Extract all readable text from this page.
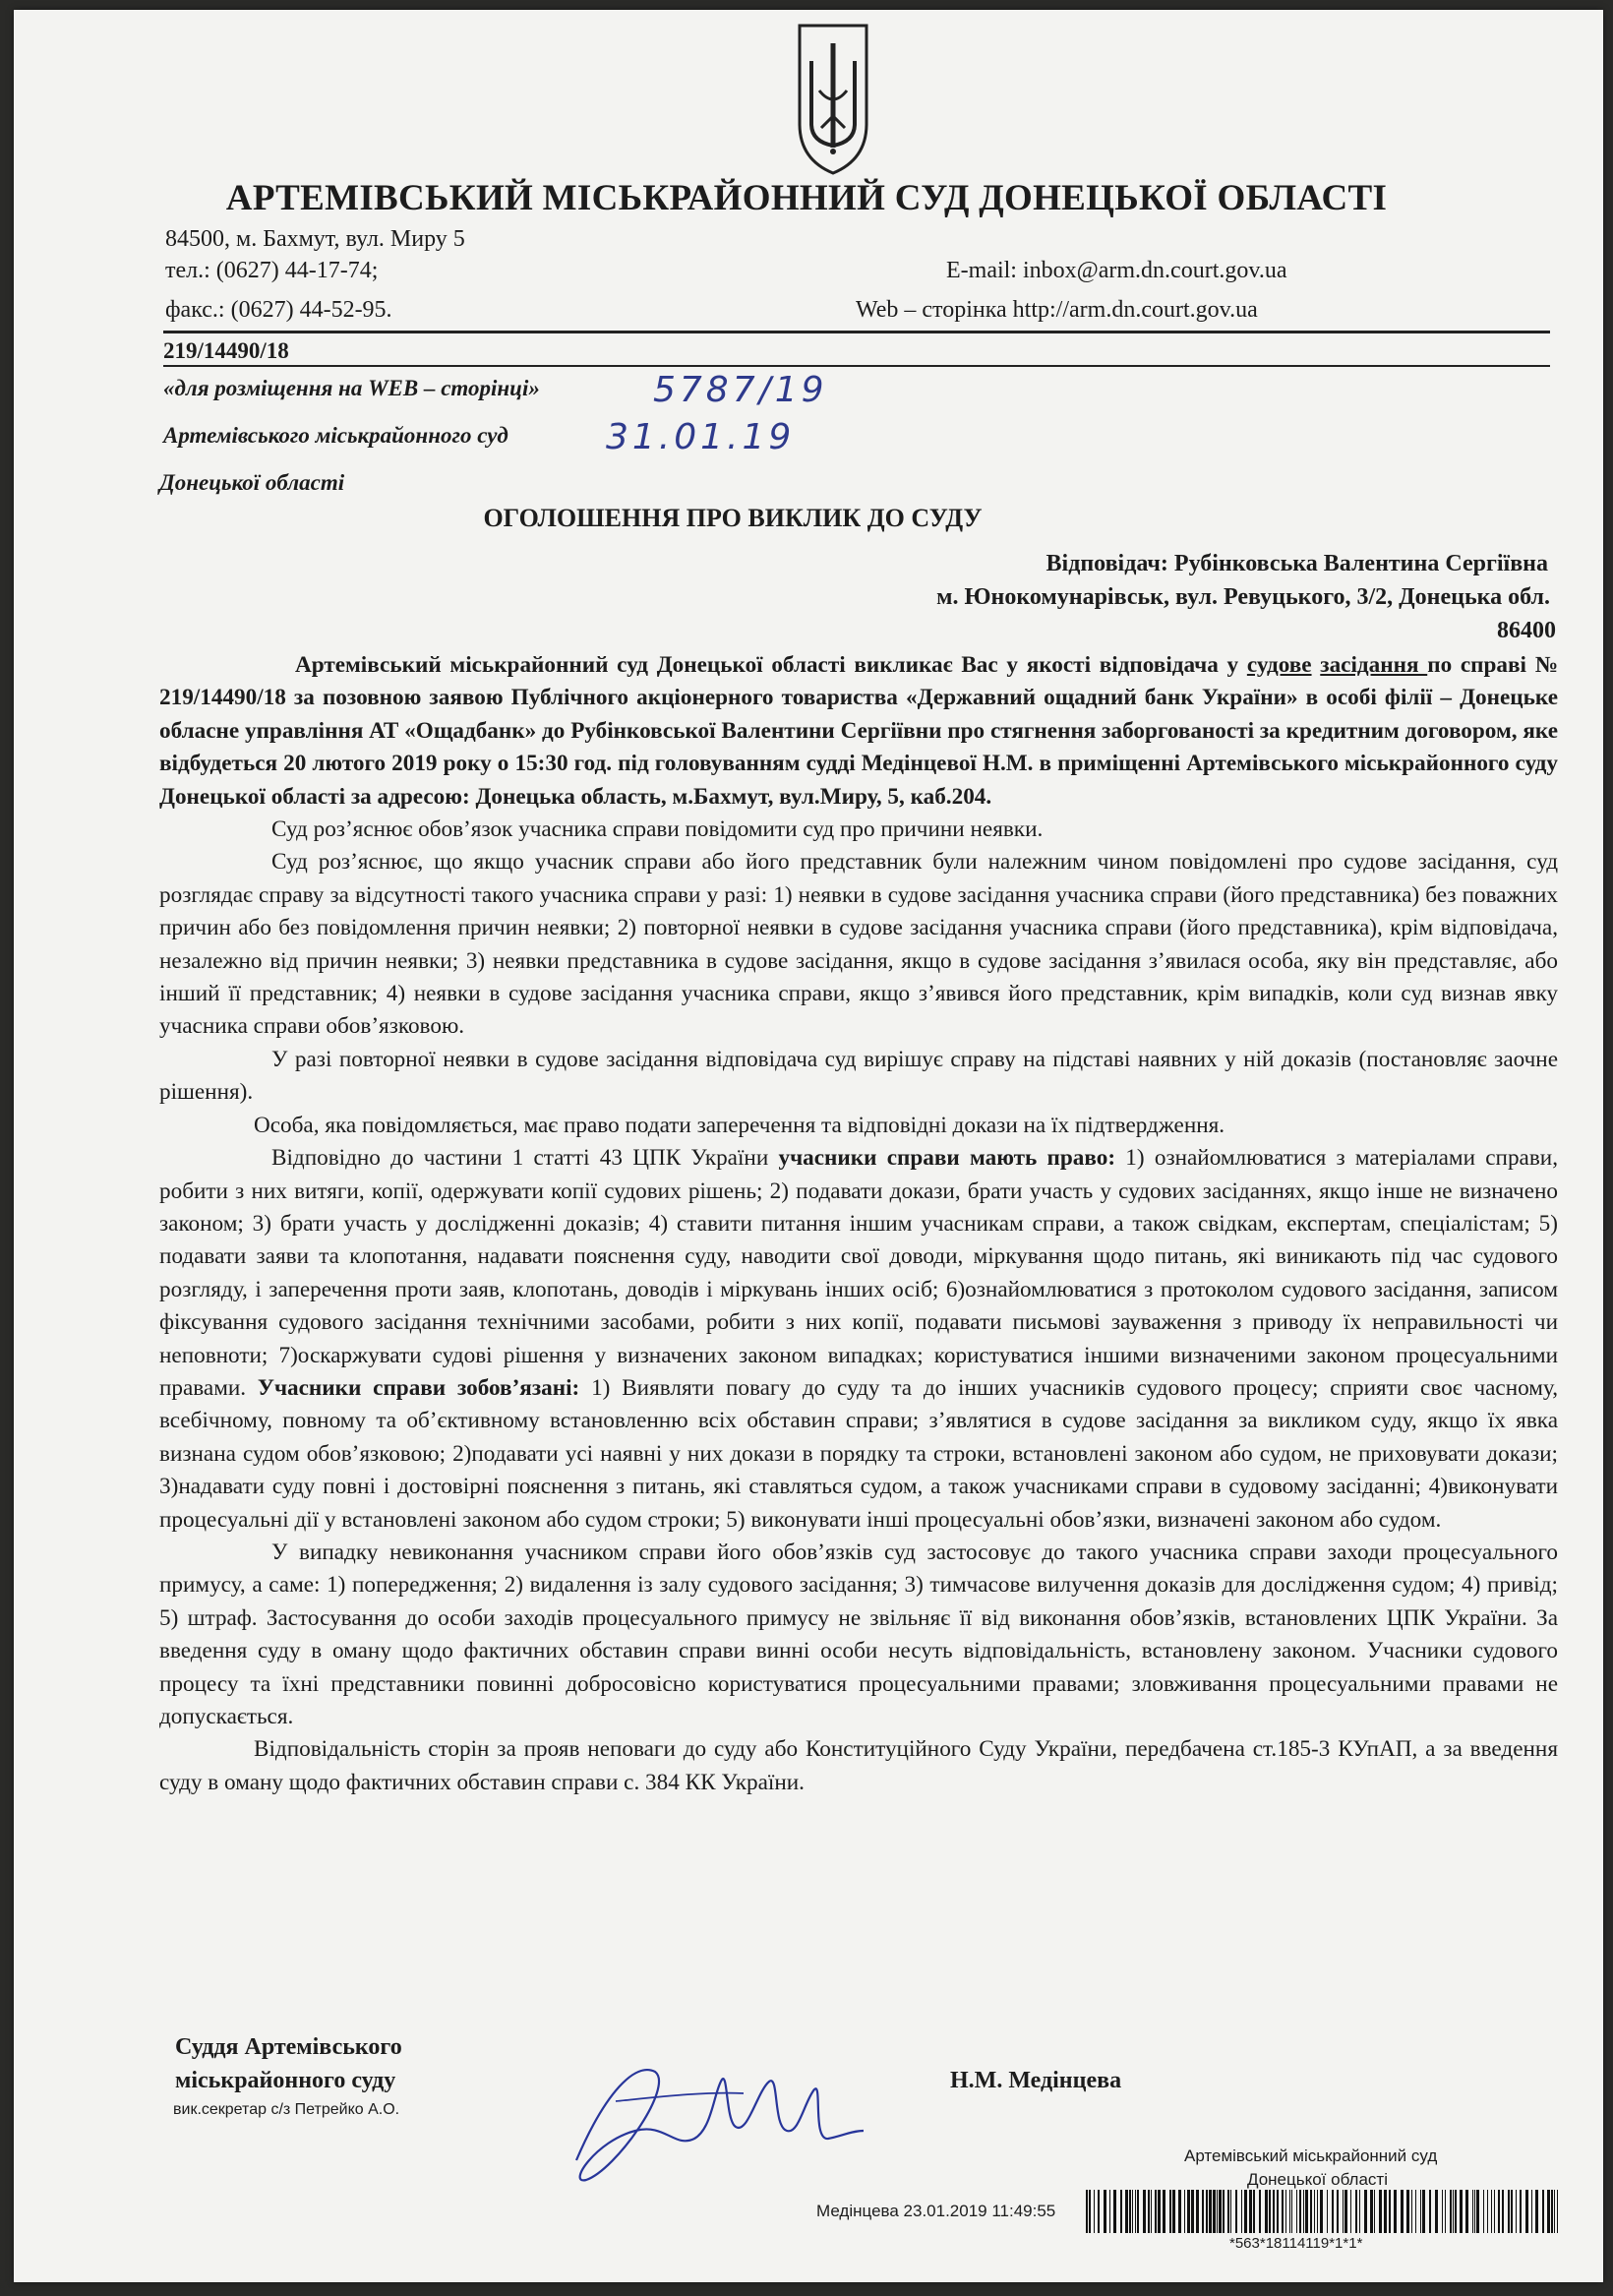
АРТЕМІВСЬКИЙ МІСЬКРАЙОННИЙ СУД ДОНЕЦЬКОЇ ОБЛАСТІ
84500, м. Бахмут, вул. Миру 5
тел.: (0627) 44-17-74;
факс.: (0627) 44-52-95.
E-mail: inbox@arm.dn.court.gov.ua
Web – сторінка http://arm.dn.court.gov.ua
219/14490/18
«для розміщення на WEB – сторінці»
Артемівського міськрайонного суд
Донецької області
5787/19
31.01.19
ОГОЛОШЕННЯ ПРО ВИКЛИК ДО СУДУ
Відповідач: Рубінковська Валентина Сергіївна
м. Юнокомунарівськ, вул. Ревуцького, 3/2, Донецька обл.
86400

Артемівський міськрайонний суд Донецької області викликає Вас у якості відповідача у судове засідання по справі № 219/14490/18 за позовною заявою Публічного акціонерного товариства «Державний ощадний банк України» в особі філії – Донецьке обласне управління АТ «Ощадбанк» до Рубінковської Валентини Сергіївни про стягнення заборгованості за кредитним договором, яке відбудеться 20 лютого 2019 року о 15:30 год. під головуванням судді Медінцевої Н.М. в приміщенні Артемівського міськрайонного суду Донецької області за адресою: Донецька область, м.Бахмут, вул.Миру, 5, каб.204.

Суд роз’яснює обов’язок учасника справи повідомити суд про причини неявки.

Суд роз’яснює, що якщо учасник справи або його представник були належним чином повідомлені про судове засідання, суд розглядає справу за відсутності такого учасника справи у разі: 1) неявки в судове засідання учасника справи (його представника) без поважних причин або без повідомлення причин неявки; 2) повторної неявки в судове засідання учасника справи (його представника), крім відповідача, незалежно від причин неявки; 3) неявки представника в судове засідання, якщо в судове засідання з’явилася особа, яку він представляє, або інший її представник; 4) неявки в судове засідання учасника справи, якщо з’явився його представник, крім випадків, коли суд визнав явку учасника справи обов’язковою.

У разі повторної неявки в судове засідання відповідача суд вирішує справу на підставі наявних у ній доказів (постановляє заочне рішення).

Особа, яка повідомляється, має право подати заперечення та відповідні докази на їх підтвердження.

Відповідно до частини 1 статті 43 ЦПК України учасники справи мають право: 1) ознайомлюватися з матеріалами справи, робити з них витяги, копії, одержувати копії судових рішень; 2) подавати докази, брати участь у судових засіданнях, якщо інше не визначено законом; 3) брати участь у дослідженні доказів; 4) ставити питання іншим учасникам справи, а також свідкам, експертам, спеціалістам; 5) подавати заяви та клопотання, надавати пояснення суду, наводити свої доводи, міркування щодо питань, які виникають під час судового розгляду, і заперечення проти заяв, клопотань, доводів і міркувань інших осіб; 6)ознайомлюватися з протоколом судового засідання, записом фіксування судового засідання технічними засобами, робити з них копії, подавати письмові зауваження з приводу їх неправильності чи неповноти; 7)оскаржувати судові рішення у визначених законом випадках; користуватися іншими визначеними законом процесуальними правами. Учасники справи зобов’язані: 1) Виявляти повагу до суду та до інших учасників судового процесу; сприяти своє часному, всебічному, повному та об’єктивному встановленню всіх обставин справи; з’являтися в судове засідання за викликом суду, якщо їх явка визнана судом обов’язковою; 2)подавати усі наявні у них докази в порядку та строки, встановлені законом або судом, не приховувати докази; 3)надавати суду повні і достовірні пояснення з питань, які ставляться судом, а також учасниками справи в судовому засіданні; 4)виконувати процесуальні дії у встановлені законом або судом строки; 5) виконувати інші процесуальні обов’язки, визначені законом або судом.

У випадку невиконання учасником справи його обов’язків суд застосовує до такого учасника справи заходи процесуального примусу, а саме: 1) попередження; 2) видалення із залу судового засідання; 3) тимчасове вилучення доказів для дослідження судом; 4) привід; 5) штраф. Застосування до особи заходів процесуального примусу не звільняє її від виконання обов’язків, встановлених ЦПК України. За введення суду в оману щодо фактичних обставин справи винні особи несуть відповідальність, встановлену законом. Учасники судового процесу та їхні представники повинні добросовісно користуватися процесуальними правами; зловживання процесуальними правами не допускається.

Відповідальність сторін за прояв неповаги до суду або Конституційного Суду України, передбачена ст.185-3 КУпАП, а за введення суду в оману щодо фактичних обставин справи с. 384 КК України.

Суддя Артемівського
міськрайонного суду
вик.секретар с/з Петрейко А.О.
Н.М. Медінцева
Артемівський міськрайонний суд
Донецької області
Медінцева 23.01.2019 11:49:55
*563*18114119*1*1*
